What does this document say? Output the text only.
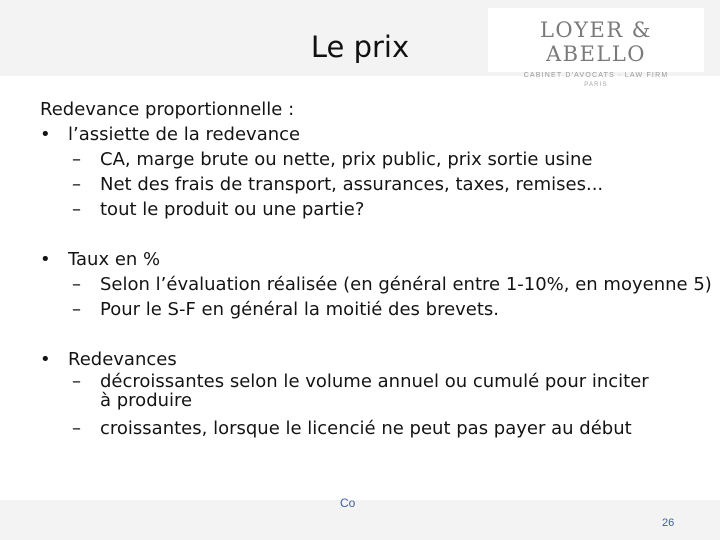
Le prix	LOYER & ABELLO
CABINET D'AVOCATS · LAW FIRM
PARIS
Redevance proportionnelle :
• l’assiette de la redevance
– CA, marge brute ou nette, prix public, prix sortie usine
– Net des frais de transport, assurances, taxes, remises...
– tout le produit ou une partie?
• Taux en %
– Selon l’évaluation réalisée (en général entre 1-10%, en moyenne 5)
– Pour le S-F en général la moitié des brevets.
• Redevances
– décroissantes selon le volume annuel ou cumulé pour inciter à produire
– croissantes, lorsque le licencié ne peut pas payer au début
Co
26
